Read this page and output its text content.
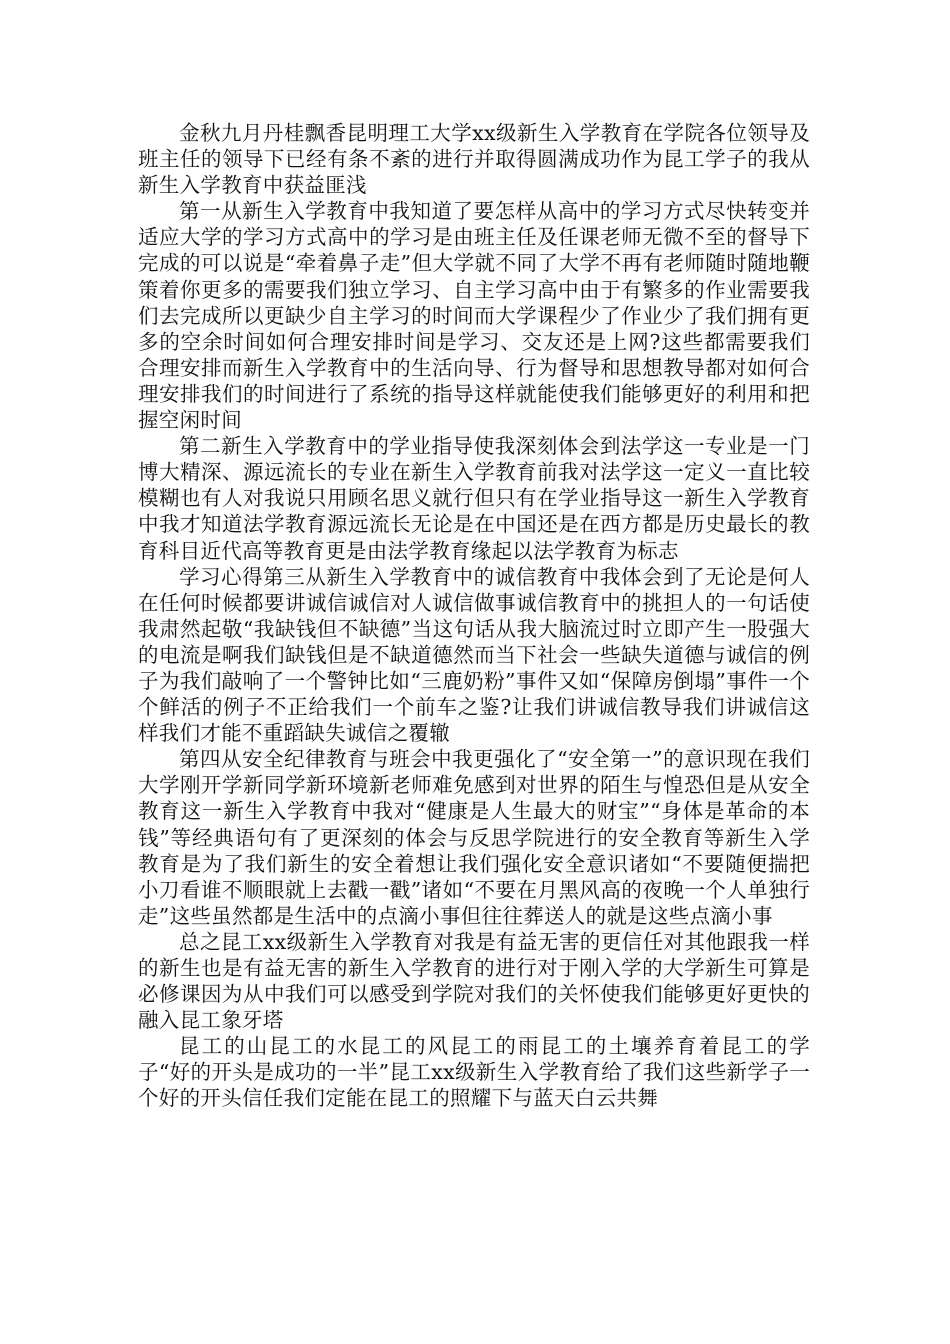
金秋九月丹桂飘香昆明理工大学xx级新生入学教育在学院各位领导及班主任的领导下已经有条不紊的进行并取得圆满成功作为昆工学子的我从新生入学教育中获益匪浅

第一从新生入学教育中我知道了要怎样从高中的学习方式尽快转变并适应大学的学习方式高中的学习是由班主任及任课老师无微不至的督导下完成的可以说是“牵着鼻子走”但大学就不同了大学不再有老师随时随地鞭策着你更多的需要我们独立学习、自主学习高中由于有繁多的作业需要我们去完成所以更缺少自主学习的时间而大学课程少了作业少了我们拥有更多的空余时间如何合理安排时间是学习、交友还是上网?这些都需要我们合理安排而新生入学教育中的生活向导、行为督导和思想教导都对如何合理安排我们的时间进行了系统的指导这样就能使我们能够更好的利用和把握空闲时间

第二新生入学教育中的学业指导使我深刻体会到法学这一专业是一门博大精深、源远流长的专业在新生入学教育前我对法学这一定义一直比较模糊也有人对我说只用顾名思义就行但只有在学业指导这一新生入学教育中我才知道法学教育源远流长无论是在中国还是在西方都是历史最长的教育科目近代高等教育更是由法学教育缘起以法学教育为标志

学习心得第三从新生入学教育中的诚信教育中我体会到了无论是何人在任何时候都要讲诚信诚信对人诚信做事诚信教育中的挑担人的一句话使我肃然起敬“我缺钱但不缺德”当这句话从我大脑流过时立即产生一股强大的电流是啊我们缺钱但是不缺道德然而当下社会一些缺失道德与诚信的例子为我们敲响了一个警钟比如“三鹿奶粉”事件又如“保障房倒塌”事件一个个鲜活的例子不正给我们一个前车之鉴?让我们讲诚信教导我们讲诚信这样我们才能不重蹈缺失诚信之覆辙

第四从安全纪律教育与班会中我更强化了“安全第一”的意识现在我们大学刚开学新同学新环境新老师难免感到对世界的陌生与惶恐但是从安全教育这一新生入学教育中我对“健康是人生最大的财宝”“身体是革命的本钱”等经典语句有了更深刻的体会与反思学院进行的安全教育等新生入学教育是为了我们新生的安全着想让我们强化安全意识诸如“不要随便揣把小刀看谁不顺眼就上去戳一戳”诸如“不要在月黑风高的夜晚一个人单独行走”这些虽然都是生活中的点滴小事但往往葬送人的就是这些点滴小事

总之昆工xx级新生入学教育对我是有益无害的更信任对其他跟我一样的新生也是有益无害的新生入学教育的进行对于刚入学的大学新生可算是必修课因为从中我们可以感受到学院对我们的关怀使我们能够更好更快的融入昆工象牙塔

昆工的山昆工的水昆工的风昆工的雨昆工的土壤养育着昆工的学子“好的开头是成功的一半”昆工xx级新生入学教育给了我们这些新学子一个好的开头信任我们定能在昆工的照耀下与蓝天白云共舞
